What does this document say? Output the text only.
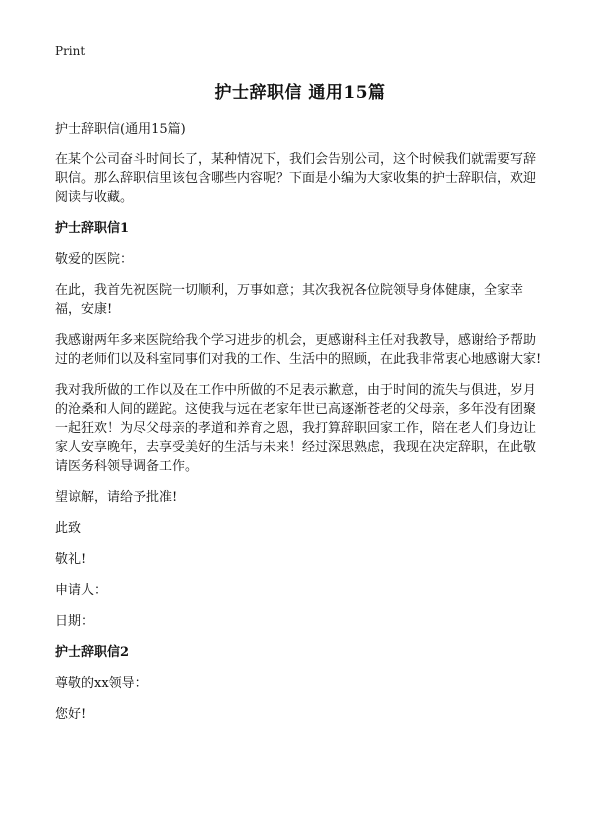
Print
护士辞职信 通用15篇

护士辞职信(通用15篇)

在某个公司奋斗时间长了，某种情况下，我们会告别公司，这个时候我们就需要写辞职信。那么辞职信里该包含哪些内容呢？下面是小编为大家收集的护士辞职信，欢迎阅读与收藏。

护士辞职信1

敬爱的医院：

在此，我首先祝医院一切顺利，万事如意；其次我祝各位院领导身体健康，全家幸福，安康!

我感谢两年多来医院给我个学习进步的机会，更感谢科主任对我教导，感谢给予帮助过的老师们以及科室同事们对我的工作、生活中的照顾，在此我非常衷心地感谢大家!

我对我所做的工作以及在工作中所做的不足表示歉意，由于时间的流失与俱进，岁月的沧桑和人间的蹉跎。这使我与远在老家年世已高逐渐苍老的父母亲，多年没有团聚一起狂欢！为尽父母亲的孝道和养育之恩，我打算辞职回家工作，陪在老人们身边让家人安享晚年，去享受美好的生活与未来！经过深思熟虑，我现在决定辞职，在此敬请医务科领导调备工作。

望谅解，请给予批准!

此致

敬礼!

申请人：

日期：

护士辞职信2

尊敬的xx领导：

您好!
